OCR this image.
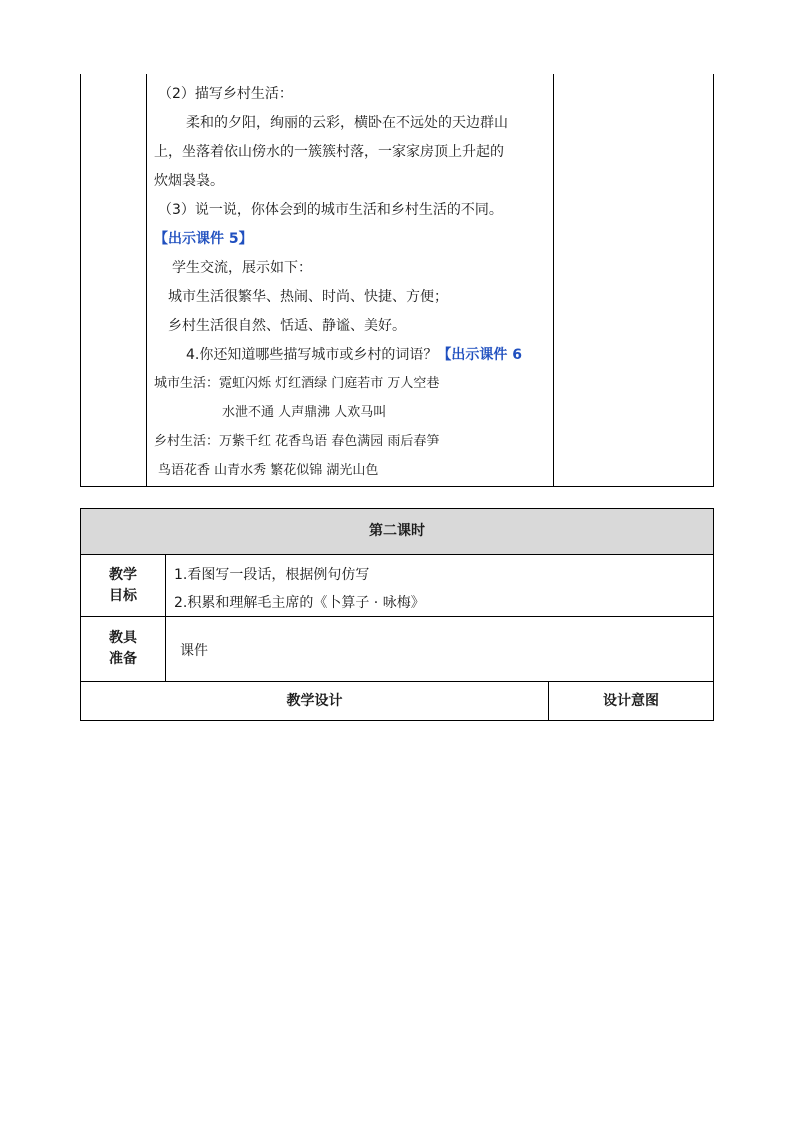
（2）描写乡村生活：
柔和的夕阳，绚丽的云彩，横卧在不远处的天边群山
上，坐落着依山傍水的一簇簇村落，一家家房顶上升起的
炊烟袅袅。
（3）说一说，你体会到的城市生活和乡村生活的不同。
【出示课件 5】
学生交流，展示如下：
城市生活很繁华、热闹、时尚、快捷、方便；
乡村生活很自然、恬适、静谧、美好。
4.你还知道哪些描写城市或乡村的词语？【出示课件 6
城市生活：霓虹闪烁 灯红酒绿 门庭若市 万人空巷
水泄不通 人声鼎沸 人欢马叫
乡村生活：万紫千红 花香鸟语 春色满园 雨后春笋
鸟语花香 山青水秀 繁花似锦 湖光山色
第二课时
教学
目标
1.看图写一段话，根据例句仿写
2.积累和理解毛主席的《卜算子 · 咏梅》
教具
准备	课件
教学设计	设计意图
